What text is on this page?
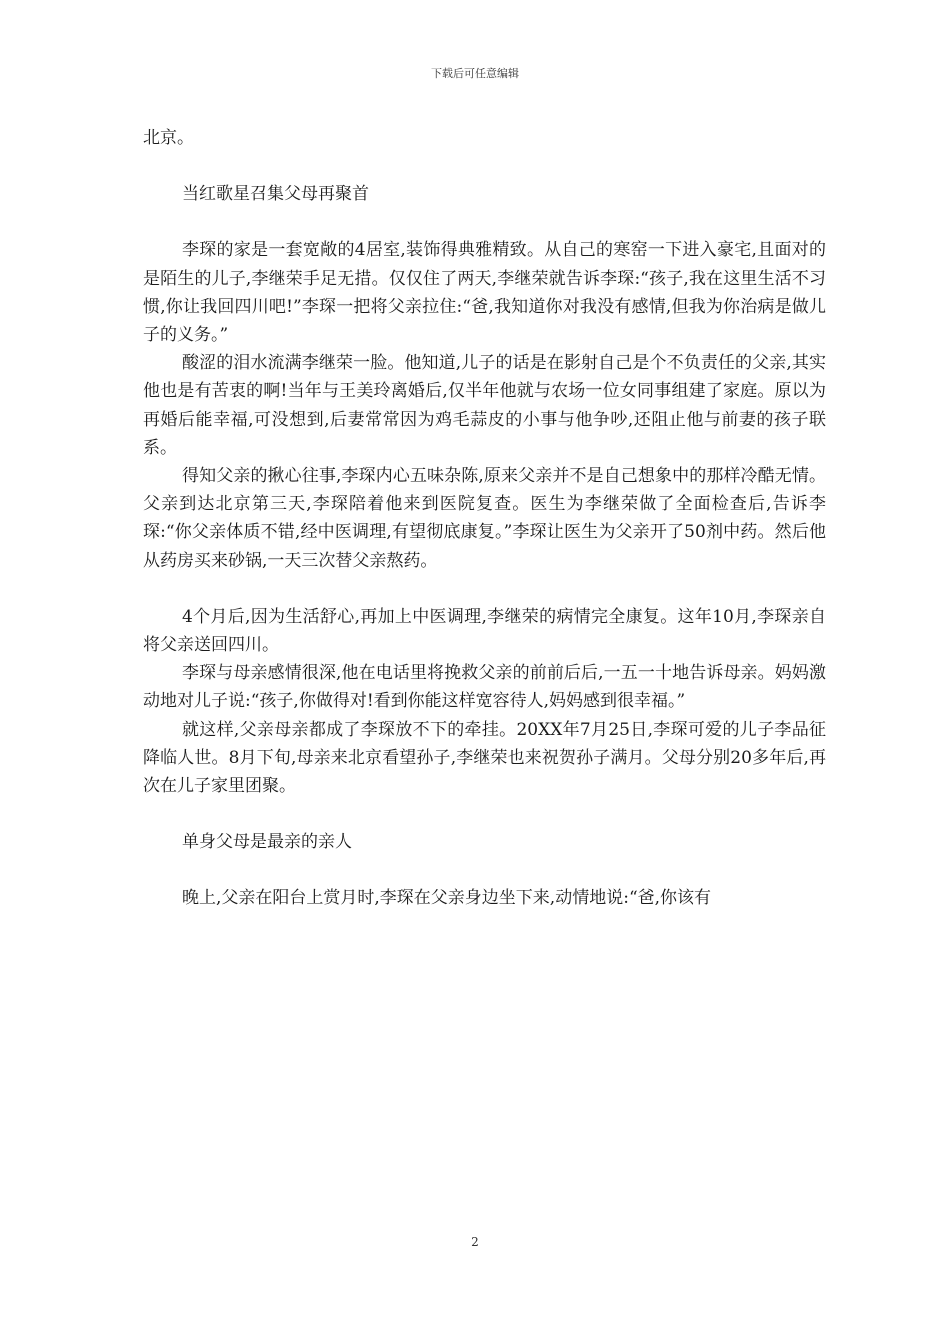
下载后可任意编辑

北京。

当红歌星召集父母再聚首

李琛的家是一套宽敞的4居室,装饰得典雅精致。从自己的寒窑一下进入豪宅,且面对的是陌生的儿子,李继荣手足无措。仅仅住了两天,李继荣就告诉李琛:“孩子,我在这里生活不习惯,你让我回四川吧!”李琛一把将父亲拉住:“爸,我知道你对我没有感情,但我为你治病是做儿子的义务。”

酸涩的泪水流满李继荣一脸。他知道,儿子的话是在影射自己是个不负责任的父亲,其实他也是有苦衷的啊!当年与王美玲离婚后,仅半年他就与农场一位女同事组建了家庭。原以为再婚后能幸福,可没想到,后妻常常因为鸡毛蒜皮的小事与他争吵,还阻止他与前妻的孩子联系。

得知父亲的揪心往事,李琛内心五味杂陈,原来父亲并不是自己想象中的那样冷酷无情。父亲到达北京第三天,李琛陪着他来到医院复查。医生为李继荣做了全面检查后,告诉李琛:“你父亲体质不错,经中医调理,有望彻底康复。”李琛让医生为父亲开了50剂中药。然后他从药房买来砂锅,一天三次替父亲熬药。

4个月后,因为生活舒心,再加上中医调理,李继荣的病情完全康复。这年10月,李琛亲自将父亲送回四川。

李琛与母亲感情很深,他在电话里将挽救父亲的前前后后,一五一十地告诉母亲。妈妈激动地对儿子说:“孩子,你做得对!看到你能这样宽容待人,妈妈感到很幸福。”

就这样,父亲母亲都成了李琛放不下的牵挂。20XX年7月25日,李琛可爱的儿子李品征降临人世。8月下旬,母亲来北京看望孙子,李继荣也来祝贺孙子满月。父母分别20多年后,再次在儿子家里团聚。

单身父母是最亲的亲人

晚上,父亲在阳台上赏月时,李琛在父亲身边坐下来,动情地说:“爸,你该有

2
